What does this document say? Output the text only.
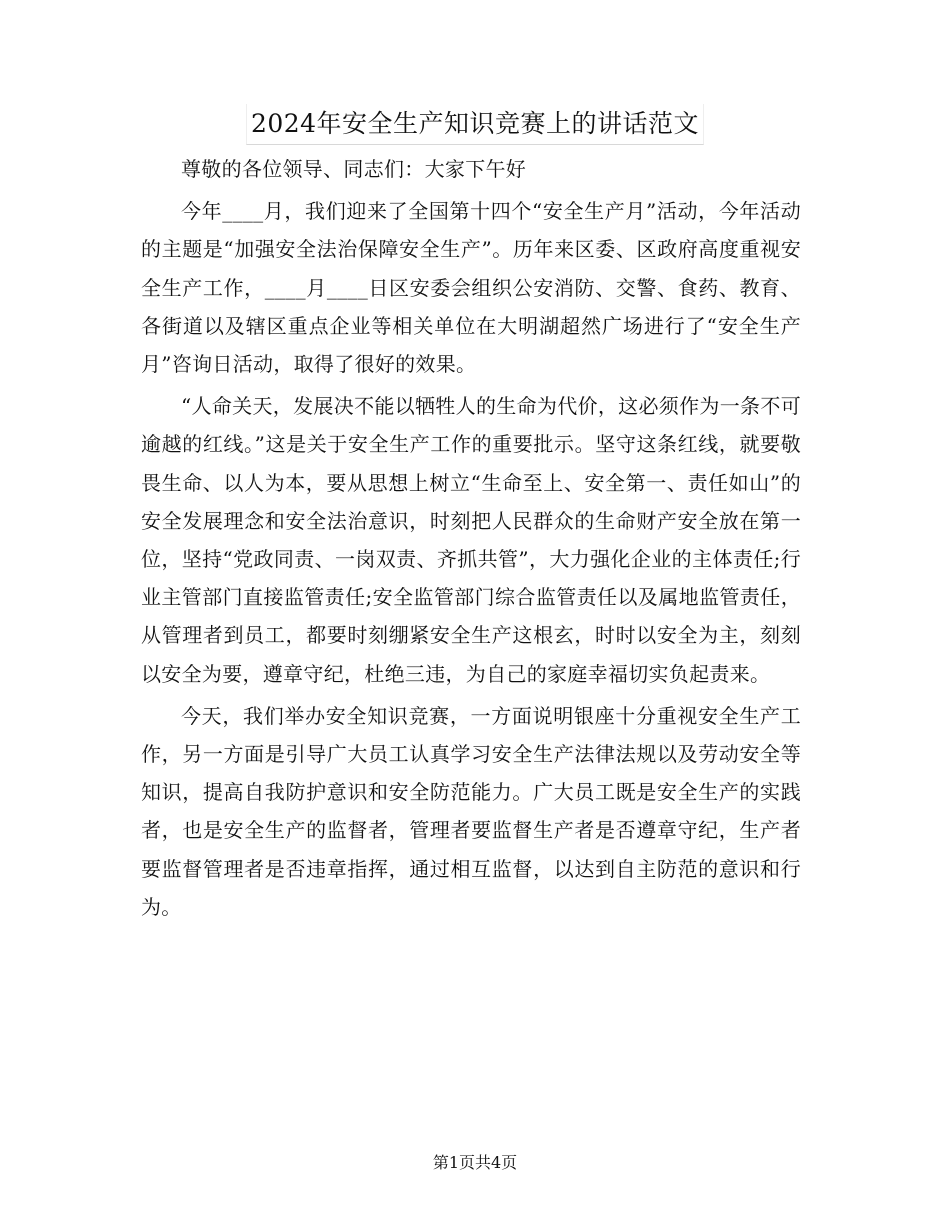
2024年安全生产知识竞赛上的讲话范文

尊敬的各位领导、同志们：大家下午好

今年____月，我们迎来了全国第十四个“安全生产月”活动，今年活动的主题是“加强安全法治保障安全生产”。历年来区委、区政府高度重视安全生产工作，____月____日区安委会组织公安消防、交警、食药、教育、各街道以及辖区重点企业等相关单位在大明湖超然广场进行了“安全生产月”咨询日活动，取得了很好的效果。

“人命关天，发展决不能以牺牲人的生命为代价，这必须作为一条不可逾越的红线。”这是关于安全生产工作的重要批示。坚守这条红线，就要敬畏生命、以人为本，要从思想上树立“生命至上、安全第一、责任如山”的安全发展理念和安全法治意识，时刻把人民群众的生命财产安全放在第一位，坚持“党政同责、一岗双责、齐抓共管”，大力强化企业的主体责任;行业主管部门直接监管责任;安全监管部门综合监管责任以及属地监管责任，从管理者到员工，都要时刻绷紧安全生产这根玄，时时以安全为主，刻刻以安全为要，遵章守纪，杜绝三违，为自己的家庭幸福切实负起责来。

今天，我们举办安全知识竞赛，一方面说明银座十分重视安全生产工作，另一方面是引导广大员工认真学习安全生产法律法规以及劳动安全等知识，提高自我防护意识和安全防范能力。广大员工既是安全生产的实践者，也是安全生产的监督者，管理者要监督生产者是否遵章守纪，生产者要监督管理者是否违章指挥，通过相互监督，以达到自主防范的意识和行为。

第1页共4页
